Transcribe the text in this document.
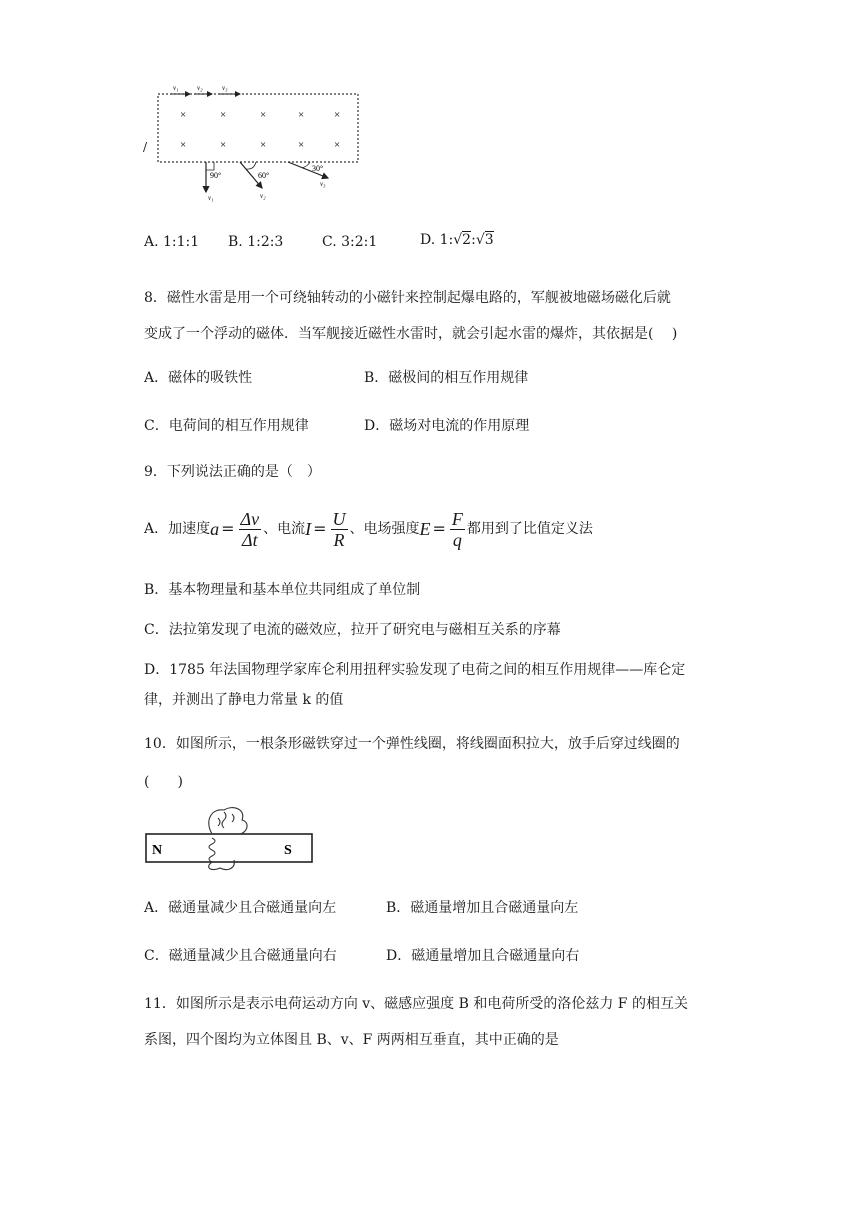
v₁	v₂	v₃
×	×	×	×	×
×	×	×	×	×
90°
v₁
60°
v₂
30°
v₃
/
A. 1:1:1 B. 1:2:3	C. 3:2:1	D. 1:√2:√3
8．磁性水雷是用一个可绕轴转动的小磁针来控制起爆电路的，军舰被地磁场磁化后就
变成了一个浮动的磁体．当军舰接近磁性水雷时，就会引起水雷的爆炸，其依据是(　 )
A．磁体的吸铁性	B．磁极间的相互作用规律
C．电荷间的相互作用规律	D．磁场对电流的作用原理
9．下列说法正确的是（　）
A．加速度 $a = \frac{\Delta v}{\Delta t}$ 、电流 $I = \frac{U}{R}$ 、电场强度 $E = \frac{F}{q}$ 都用到了比值定义法
B．基本物理量和基本单位共同组成了单位制
C．法拉第发现了电流的磁效应，拉开了研究电与磁相互关系的序幕
D．1785 年法国物理学家库仑利用扭秤实验发现了电荷之间的相互作用规律——库仑定
律，并测出了静电力常量 k 的值
10．如图所示，一根条形磁铁穿过一个弹性线圈，将线圈面积拉大，放手后穿过线圈的
(　　)
N	S
A．磁通量减少且合磁通量向左	B．磁通量增加且合磁通量向左
C．磁通量减少且合磁通量向右	D．磁通量增加且合磁通量向右
11．如图所示是表示电荷运动方向 v、磁感应强度 B 和电荷所受的洛伦兹力 F 的相互关
系图，四个图均为立体图且 B、v、F 两两相互垂直，其中正确的是
